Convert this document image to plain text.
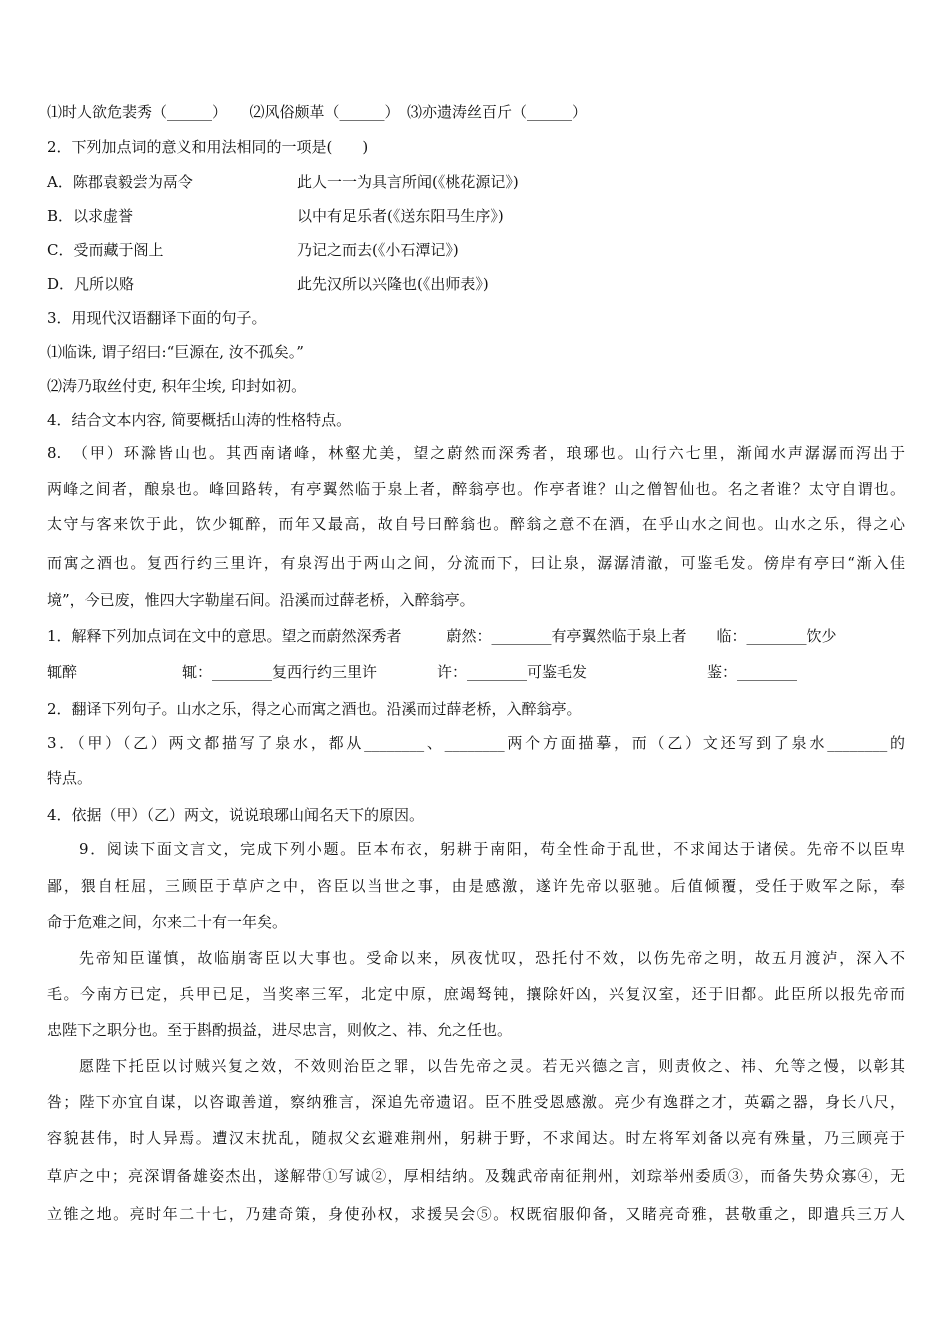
⑴时人欲危裴秀（______）　　⑵风俗颇革（______）　⑶亦遗涛丝百斤（______）
2．下列加点词的意义和用法相同的一项是(　　)
A．陈郡袁毅尝为鬲令	此人一一为具言所闻(《桃花源记》)
B．以求虚誉	以中有足乐者(《送东阳马生序》)
C．受而藏于阁上	乃记之而去(《小石潭记》)
D．凡所以赂	此先汉所以兴隆也(《出师表》)
3．用现代汉语翻译下面的句子。
⑴临诛, 谓子绍曰:“巨源在, 汝不孤矣。”
⑵涛乃取丝付吏, 积年尘埃, 印封如初。
4．结合文本内容, 简要概括山涛的性格特点。
8.　（甲）环滁皆山也。其西南诸峰，林壑尤美，望之蔚然而深秀者，琅琊也。山行六七里，渐闻水声潺潺而泻出于
两峰之间者，酿泉也。峰回路转，有亭翼然临于泉上者，醉翁亭也。作亭者谁？山之僧智仙也。名之者谁？太守自谓也。
太守与客来饮于此，饮少辄醉，而年又最高，故自号曰醉翁也。醉翁之意不在酒，在乎山水之间也。山水之乐，得之心
而寓之酒也。复西行约三里许，有泉泻出于两山之间，分流而下，曰让泉，潺潺清澈，可鉴毛发。傍岸有亭曰“渐入佳
境”，今已废，惟四大字勒崖石间。沿溪而过薛老桥，入醉翁亭。
1．解释下列加点词在文中的意思。望之而蔚然深秀者　　　蔚然：________有亭翼然临于泉上者　　临：________饮少
辄醉　　　　　　　辄：________复西行约三里许　　　　许：________可鉴毛发　　　　　　　　鉴：________
2．翻译下列句子。山水之乐，得之心而寓之酒也。沿溪而过薛老桥，入醉翁亭。
3．（甲）（乙）两文都描写了泉水，都从________、________两个方面描摹，而（乙）文还写到了泉水________的
特点。
4．依据（甲）（乙）两文，说说琅琊山闻名天下的原因。
9．阅读下面文言文，完成下列小题。臣本布衣，躬耕于南阳，苟全性命于乱世，不求闻达于诸侯。先帝不以臣卑
鄙，猥自枉屈，三顾臣于草庐之中，咨臣以当世之事，由是感激，遂许先帝以驱驰。后值倾覆，受任于败军之际，奉
命于危难之间，尔来二十有一年矣。
先帝知臣谨慎，故临崩寄臣以大事也。受命以来，夙夜忧叹，恐托付不效，以伤先帝之明，故五月渡泸，深入不
毛。今南方已定，兵甲已足，当奖率三军，北定中原，庶竭驽钝，攘除奸凶，兴复汉室，还于旧都。此臣所以报先帝而
忠陛下之职分也。至于斟酌损益，进尽忠言，则攸之、祎、允之任也。
愿陛下托臣以讨贼兴复之效，不效则治臣之罪，以告先帝之灵。若无兴德之言，则责攸之、祎、允等之慢，以彰其
咎；陛下亦宜自谋，以咨诹善道，察纳雅言，深追先帝遗诏。臣不胜受恩感激。亮少有逸群之才，英霸之器，身长八尺，
容貌甚伟，时人异焉。遭汉末扰乱，随叔父玄避难荆州，躬耕于野，不求闻达。时左将军刘备以亮有殊量，乃三顾亮于
草庐之中；亮深谓备雄姿杰出，遂解带①写诚②，厚相结纳。及魏武帝南征荆州，刘琮举州委质③，而备失势众寡④，无
立锥之地。亮时年二十七，乃建奇策，身使孙权，求援吴会⑤。权既宿服仰备，又睹亮奇雅，甚敬重之，即遣兵三万人
